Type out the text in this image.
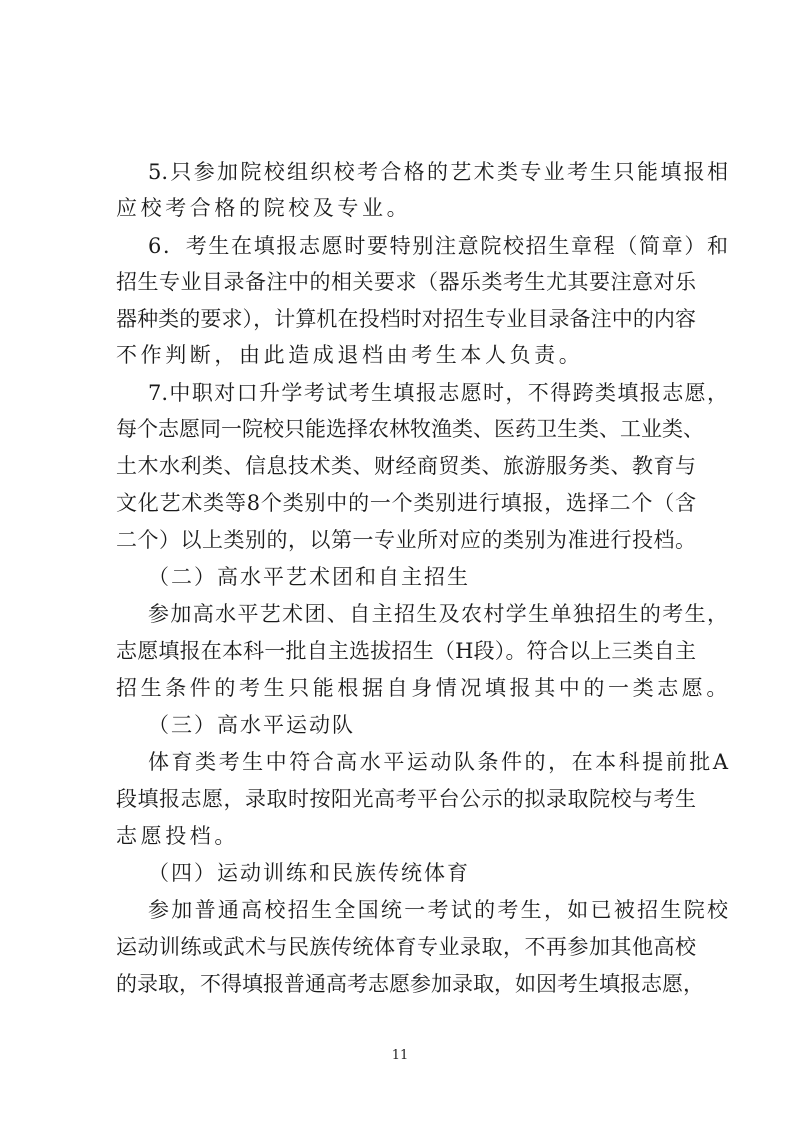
5.只参加院校组织校考合格的艺术类专业考生只能填报相
应校考合格的院校及专业。
6．考生在填报志愿时要特别注意院校招生章程（简章）和
招生专业目录备注中的相关要求（器乐类考生尤其要注意对乐
器种类的要求），计算机在投档时对招生专业目录备注中的内容
不作判断，由此造成退档由考生本人负责。
7.中职对口升学考试考生填报志愿时，不得跨类填报志愿，
每个志愿同一院校只能选择农林牧渔类、医药卫生类、工业类、
土木水利类、信息技术类、财经商贸类、旅游服务类、教育与
文化艺术类等8个类别中的一个类别进行填报，选择二个（含
二个）以上类别的，以第一专业所对应的类别为准进行投档。
（二）高水平艺术团和自主招生
参加高水平艺术团、自主招生及农村学生单独招生的考生，
志愿填报在本科一批自主选拔招生（H段）。符合以上三类自主
招生条件的考生只能根据自身情况填报其中的一类志愿。
（三）高水平运动队
体育类考生中符合高水平运动队条件的，在本科提前批A
段填报志愿，录取时按阳光高考平台公示的拟录取院校与考生
志愿投档。
（四）运动训练和民族传统体育
参加普通高校招生全国统一考试的考生，如已被招生院校
运动训练或武术与民族传统体育专业录取，不再参加其他高校
的录取，不得填报普通高考志愿参加录取，如因考生填报志愿，
11
